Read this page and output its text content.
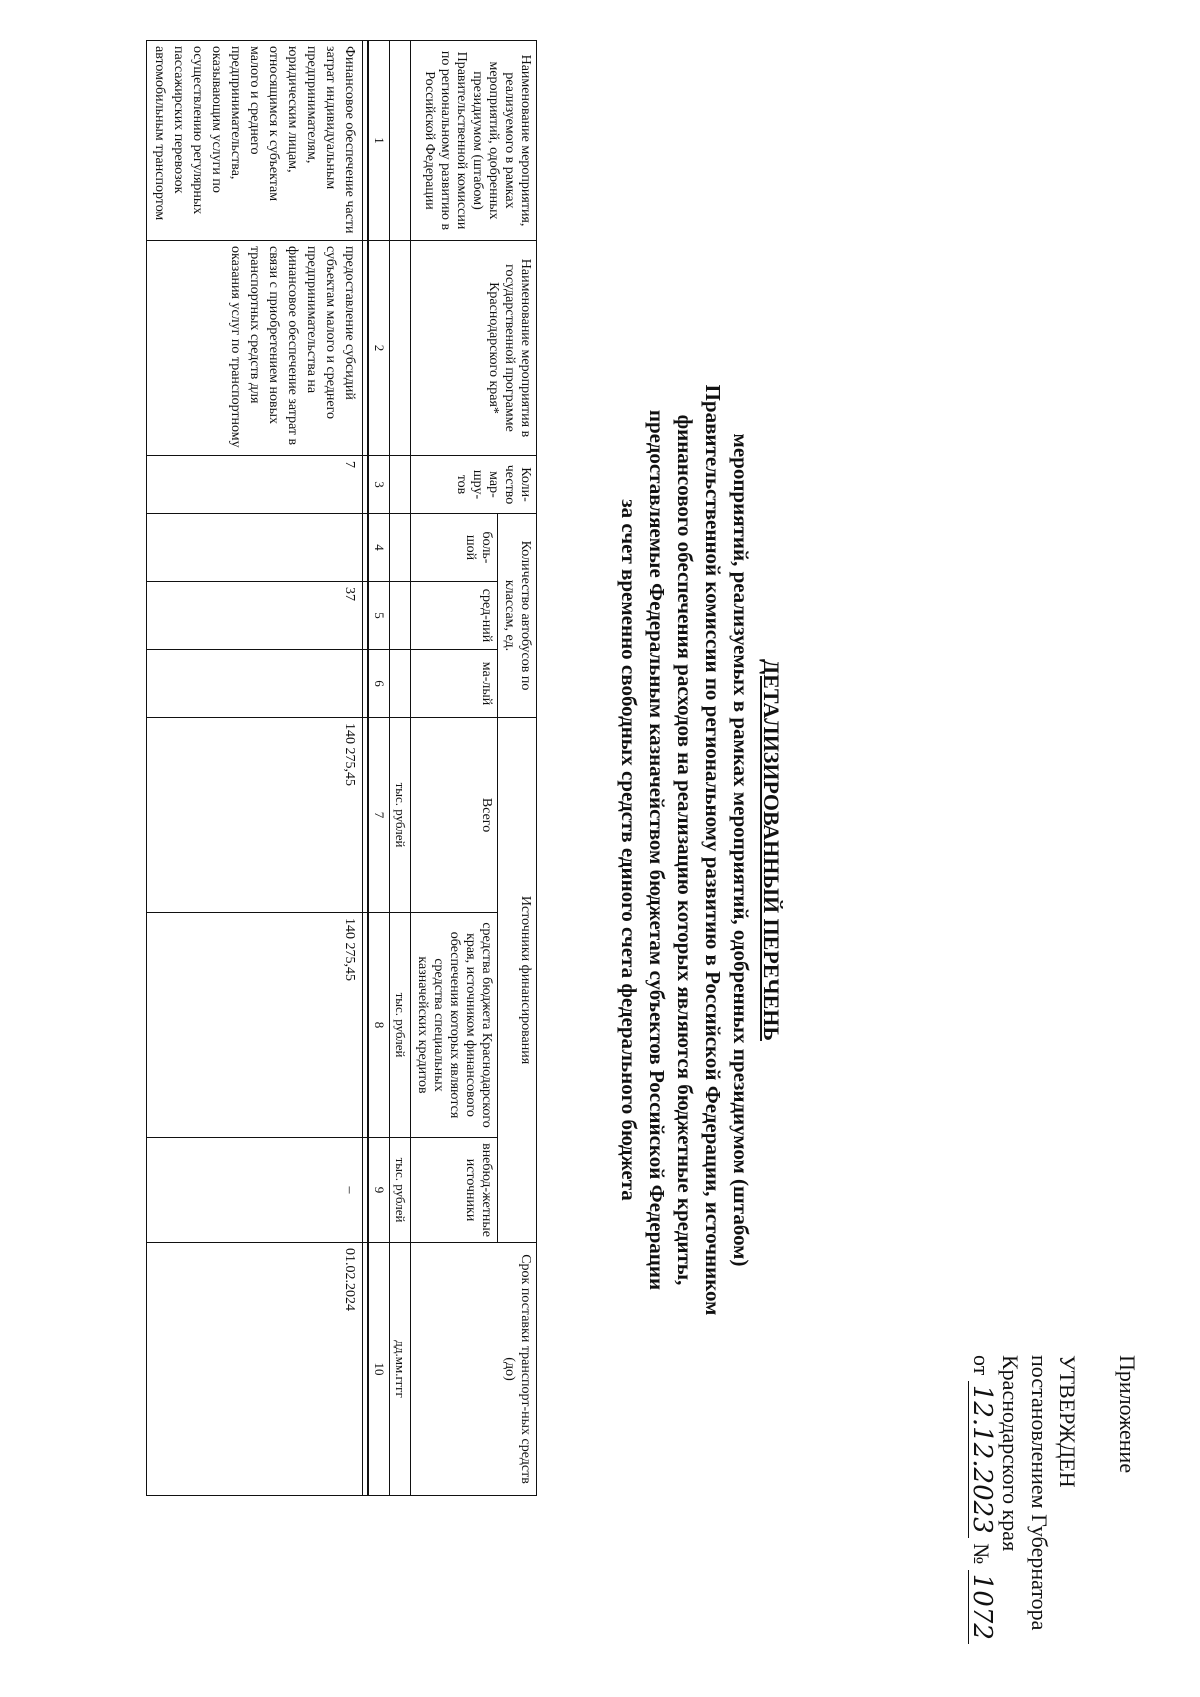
Приложение

УТВЕРЖДЕН

постановлением Губернатора

Краснодарского края

от 12.12.2023 № 1072

ДЕТАЛИЗИРОВАННЫЙ ПЕРЕЧЕНЬ
мероприятий, реализуемых в рамках мероприятий, одобренных президиумом (штабом)
Правительственной комиссии по региональному развитию в Российской Федерации, источником
финансового обеспечения расходов на реализацию которых являются бюджетные кредиты,
предоставляемые Федеральным казначейством бюджетам субъектов Российской Федерации
за счет временно свободных средств единого счета федерального бюджета
Наименование мероприятия, реализуемого в рамках мероприятий, одобренных президиумом (штабом) Правительственной комиссии по региональному развитию в Российской Федерации	Наименование мероприятия в государственной программе Краснодарского края*	Коли-чество мар-шру-тов	Количество автобусов по классам, ед.			Источники финансирования			Срок поставки транспорт-ных средств (до)
			боль-шой	сред-ний	ма-лый	Всего	средства бюджета Краснодарского края, источником финансового обеспечения которых являются средства специальных казначейских кредитов	внебюд-жетные источники	
						тыс. рублей	тыс. рублей	тыс. рублей	дд.мм.гггг
1	2	3	4	5	6	7	8	9	10

Финансовое обеспечение части затрат индивидуальным предпринимателям, юридическим лицам, относящимся к субъектам малого и среднего предпринимательства, оказывающим услуги по осуществлению регулярных пассажирских перевозок автомобильным транспортом	предоставление субсидий субъектам малого и среднего предпринимательства на финансовое обеспечение затрат в связи с приобретением новых транспортных средств для оказания услуг по транспортному	7		37		140 275,45	140 275,45	–	01.02.2024
